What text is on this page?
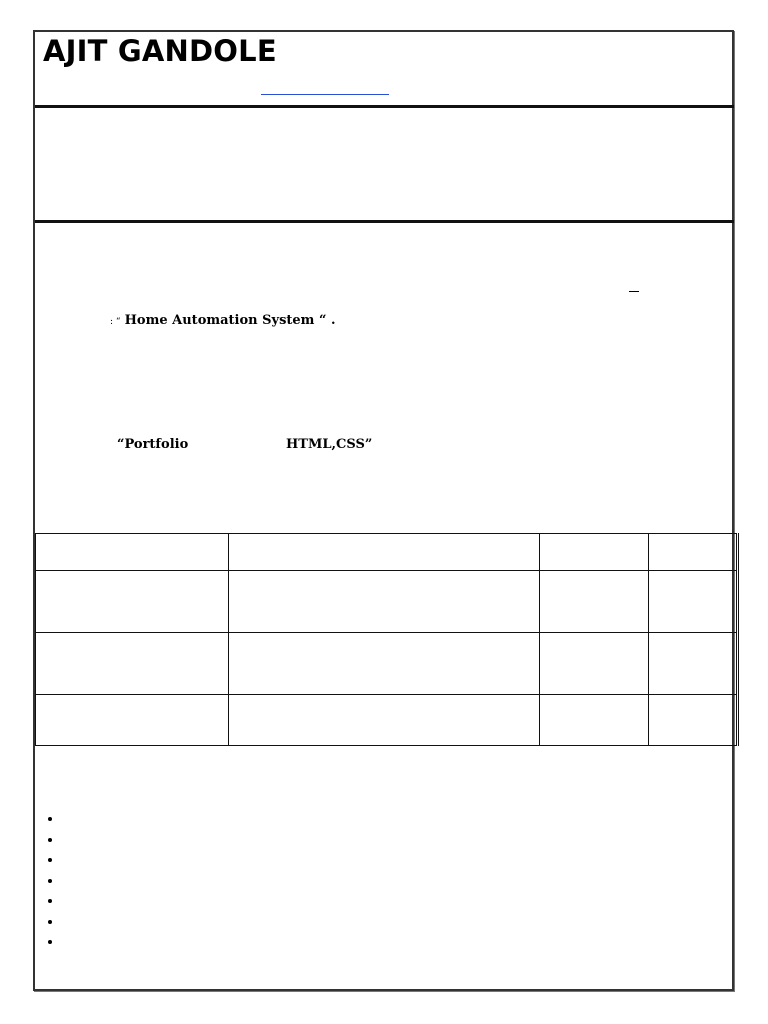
AJIT GANDOLE
: “ Home Automation System “ .
“Portfolio	HTML,CSS”
